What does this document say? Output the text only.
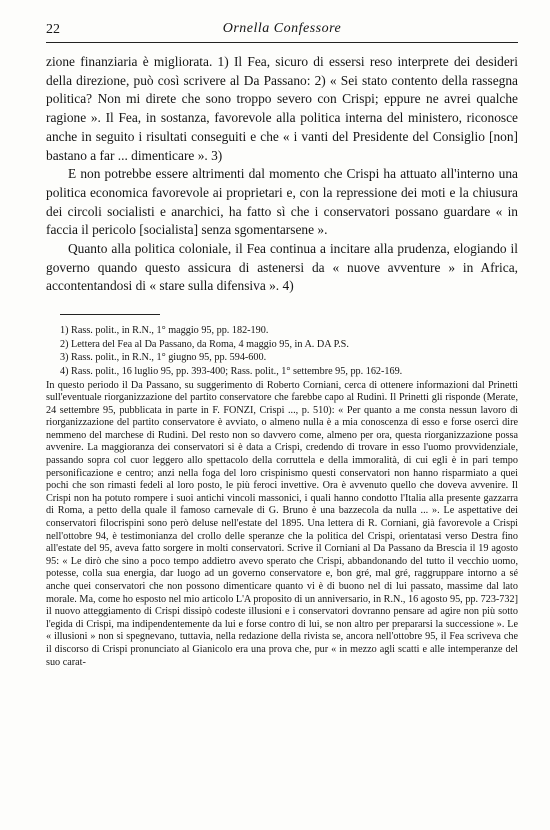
22	Ornella Confessore

zione finanziaria è migliorata. 1) Il Fea, sicuro di essersi reso interprete dei desideri della direzione, può così scrivere al Da Passano: 2) « Sei stato contento della rassegna politica? Non mi direte che sono troppo severo con Crispi; eppure ne avrei qualche ragione ». Il Fea, in sostanza, favorevole alla politica interna del ministero, riconosce anche in seguito i risultati conseguiti e che « i vanti del Presidente del Consiglio [non] bastano a far ... dimenticare ». 3)

E non potrebbe essere altrimenti dal momento che Crispi ha attuato all'interno una politica economica favorevole ai proprietari e, con la repressione dei moti e la chiusura dei circoli socialisti e anarchici, ha fatto sì che i conservatori possano guardare « in faccia il pericolo [socialista] senza sgomentarsene ».

Quanto alla politica coloniale, il Fea continua a incitare alla prudenza, elogiando il governo quando questo assicura di astenersi da « nuove avventure » in Africa, accontentandosi di « stare sulla difensiva ». 4)

1) Rass. polit., in R.N., 1° maggio 95, pp. 182-190.

2) Lettera del Fea al Da Passano, da Roma, 4 maggio 95, in A. DA P.S.

3) Rass. polit., in R.N., 1° giugno 95, pp. 594-600.

4) Rass. polit., 16 luglio 95, pp. 393-400; Rass. polit., 1° settembre 95, pp. 162-169.

In questo periodo il Da Passano, su suggerimento di Roberto Corniani, cerca di ottenere informazioni dal Prinetti sull'eventuale riorganizzazione del partito conservatore che farebbe capo al Rudinì. Il Prinetti gli risponde (Merate, 24 settembre 95, pubblicata in parte in F. FONZI, Crispi ..., p. 510): « Per quanto a me consta nessun lavoro di riorganizzazione del partito conservatore è avviato, o almeno nulla è a mia conoscenza di esso e forse osercì dire nemmeno del marchese di Rudinì. Del resto non so davvero come, almeno per ora, questa riorganizzazione possa avvenire. La maggioranza dei conservatori si è data a Crispi, credendo di trovare in esso l'uomo provvidenziale, passando sopra col cuor leggero allo spettacolo della corruttela e della immoralità, di cui egli è in pari tempo personificazione e centro; anzi nella foga del loro crispinismo questi conservatori non hanno risparmiato a quei pochi che son rimasti fedeli al loro posto, le più feroci invettive. Ora è avvenuto quello che doveva avvenire. Il Crispi non ha potuto rompere i suoi antichi vincoli massonici, i quali hanno condotto l'Italia alla presente gazzarra di Roma, a petto della quale il famoso carnevale di G. Bruno è una bazzecola da nulla ... ». Le aspettative dei conservatori filocrispini sono però deluse nell'estate del 1895. Una lettera di R. Corniani, già favorevole a Crispi nell'ottobre 94, è testimonianza del crollo delle speranze che la politica del Crispi, orientatasi verso Destra fino all'estate del 95, aveva fatto sorgere in molti conservatori. Scrive il Corniani al Da Passano da Brescia il 19 agosto 95: « Le dirò che sino a poco tempo addietro avevo sperato che Crispi, abbandonando del tutto il vecchio uomo, potesse, colla sua energia, dar luogo ad un governo conservatore e, bon gré, mal gré, raggruppare intorno a sé anche quei conservatori che non possono dimenticare quanto vi è di buono nel di lui passato, massime dal lato morale. Ma, come ho esposto nel mio articolo L'A proposito di un anniversario, in R.N., 16 agosto 95, pp. 723-732] il nuovo atteggiamento di Crispi dissipò codeste illusioni e i conservatori dovranno pensare ad agire non più sotto l'egida di Crispi, ma indipendentemente da lui e forse contro di lui, se non altro per prepararsi la successione ». Le « illusioni » non si spegnevano, tuttavia, nella redazione della rivista se, ancora nell'ottobre 95, il Fea scriveva che il discorso di Crispi pronunciato al Gianicolo era una prova che, pur « in mezzo agli scatti e alle intemperanze del suo carat-
